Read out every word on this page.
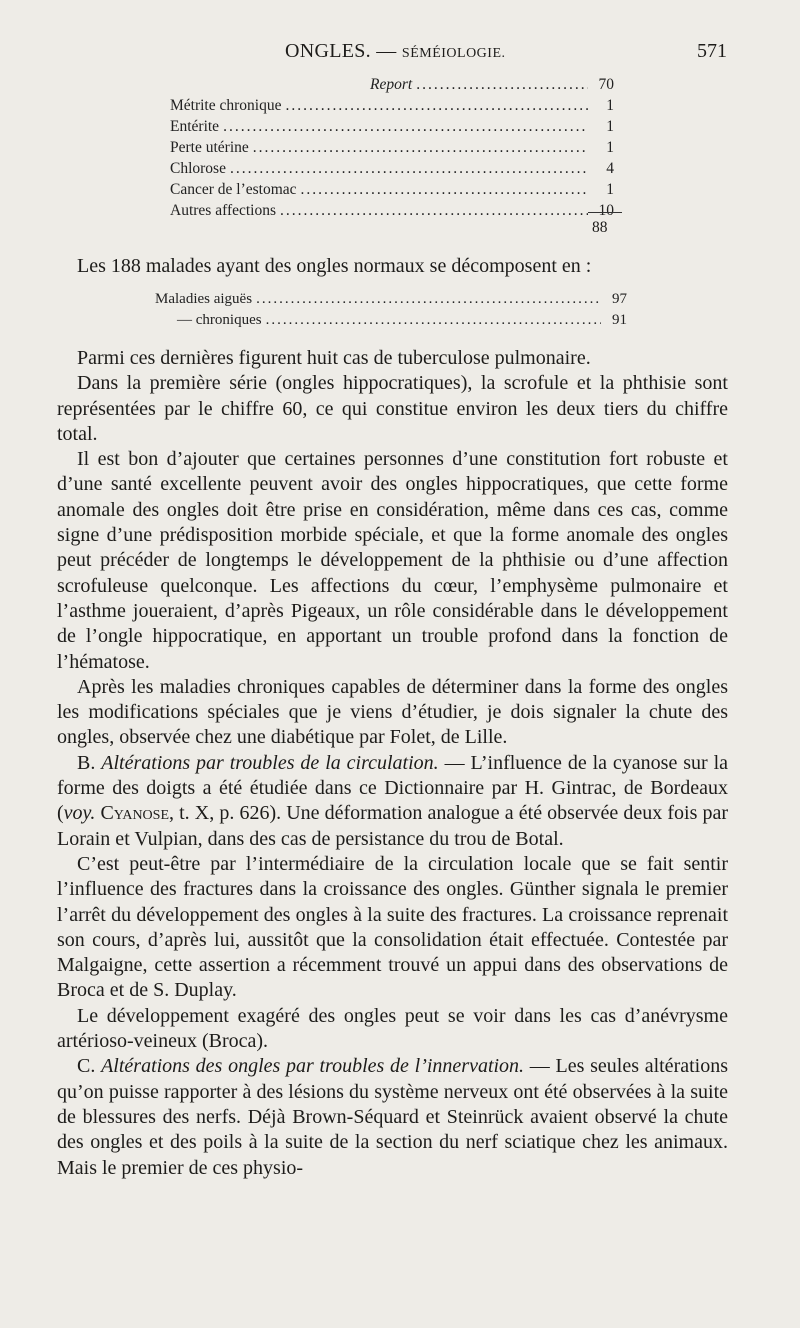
ONGLES. — SÉMÉIOLOGIE.	571
Report .....	70
Métrite chronique .....	1
Entérite .....	1
Perte utérine .....	1
Chlorose .....	4
Cancer de l’estomac .....	1
Autres affections .....	10
88

Les 188 malades ayant des ongles normaux se décomposent en :

Maladies aiguës .....	97
— chroniques .....	91

Parmi ces dernières figurent huit cas de tuberculose pulmonaire.

Dans la première série (ongles hippocratiques), la scrofule et la phthisie sont représentées par le chiffre 60, ce qui constitue environ les deux tiers du chiffre total.

Il est bon d’ajouter que certaines personnes d’une constitution fort robuste et d’une santé excellente peuvent avoir des ongles hippocratiques, que cette forme anomale des ongles doit être prise en considération, même dans ces cas, comme signe d’une prédisposition morbide spéciale, et que la forme anomale des ongles peut précéder de longtemps le développement de la phthisie ou d’une affection scrofuleuse quelconque. Les affections du cœur, l’emphysème pulmonaire et l’asthme joueraient, d’après Pigeaux, un rôle considérable dans le développement de l’ongle hippocratique, en apportant un trouble profond dans la fonction de l’hématose.

Après les maladies chroniques capables de déterminer dans la forme des ongles les modifications spéciales que je viens d’étudier, je dois signaler la chute des ongles, observée chez une diabétique par Folet, de Lille.

B. Altérations par troubles de la circulation. — L’influence de la cyanose sur la forme des doigts a été étudiée dans ce Dictionnaire par H. Gintrac, de Bordeaux (voy. Cyanose, t. X, p. 626). Une déformation analogue a été observée deux fois par Lorain et Vulpian, dans des cas de persistance du trou de Botal.

C’est peut-être par l’intermédiaire de la circulation locale que se fait sentir l’influence des fractures dans la croissance des ongles. Günther signala le premier l’arrêt du développement des ongles à la suite des fractures. La croissance reprenait son cours, d’après lui, aussitôt que la consolidation était effectuée. Contestée par Malgaigne, cette assertion a récemment trouvé un appui dans des observations de Broca et de S. Duplay.

Le développement exagéré des ongles peut se voir dans les cas d’anévrysme artérioso-veineux (Broca).

C. Altérations des ongles par troubles de l’innervation. — Les seules altérations qu’on puisse rapporter à des lésions du système nerveux ont été observées à la suite de blessures des nerfs. Déjà Brown-Séquard et Steinrück avaient observé la chute des ongles et des poils à la suite de la section du nerf sciatique chez les animaux. Mais le premier de ces physio-
